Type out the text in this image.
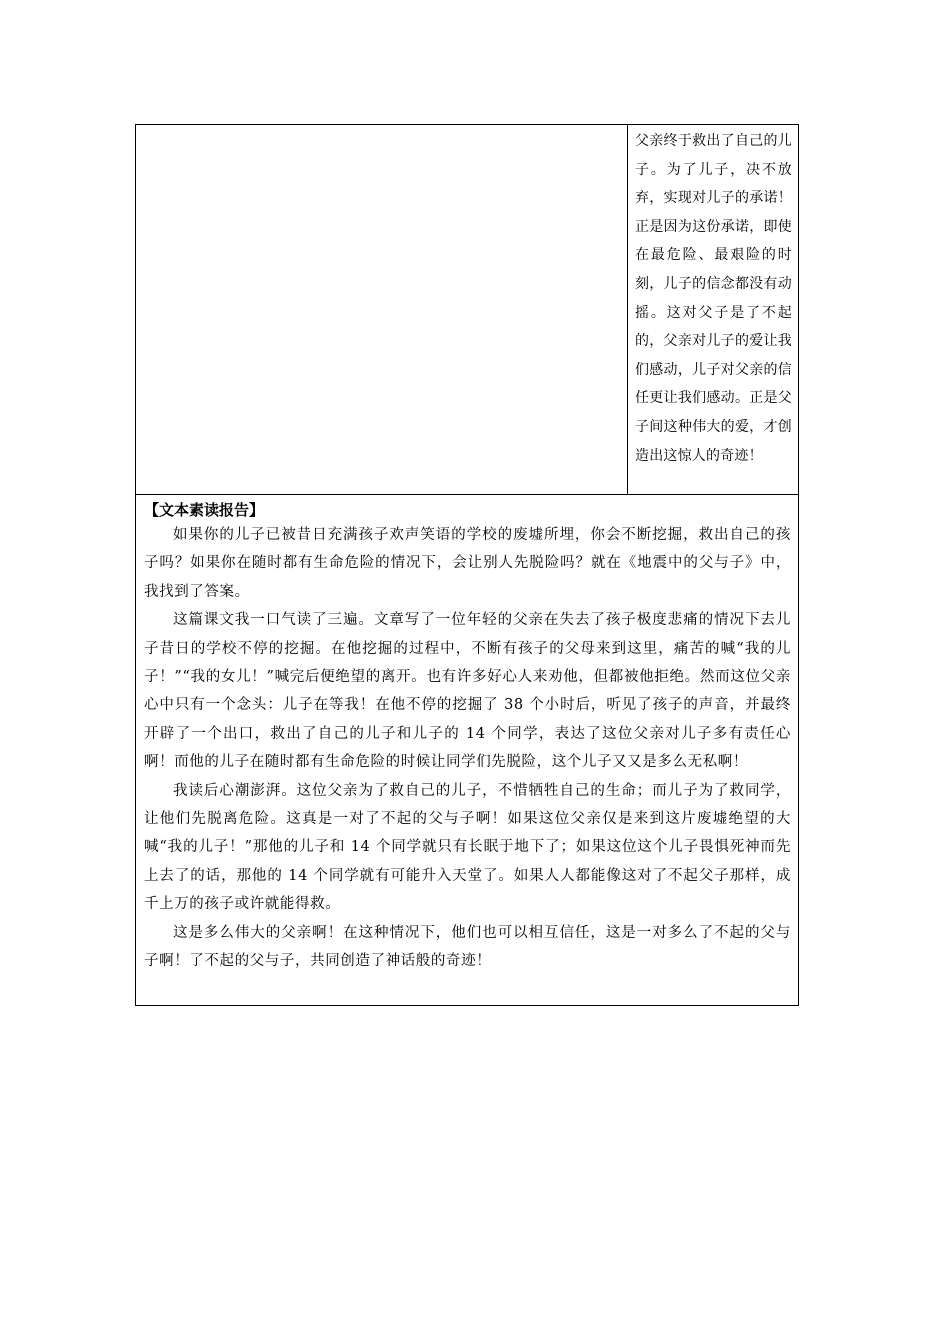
父亲终于救出了自己的儿子。为了儿子，决不放弃，实现对儿子的承诺！正是因为这份承诺，即使在最危险、最艰险的时刻，儿子的信念都没有动摇。这对父子是了不起的，父亲对儿子的爱让我们感动，儿子对父亲的信任更让我们感动。正是父子间这种伟大的爱，才创造出这惊人的奇迹！

【文本素读报告】

如果你的儿子已被昔日充满孩子欢声笑语的学校的废墟所埋，你会不断挖掘，救出自己的孩子吗？如果你在随时都有生命危险的情况下，会让别人先脱险吗？就在《地震中的父与子》中，我找到了答案。

这篇课文我一口气读了三遍。文章写了一位年轻的父亲在失去了孩子极度悲痛的情况下去儿子昔日的学校不停的挖掘。在他挖掘的过程中，不断有孩子的父母来到这里，痛苦的喊“我的儿子！”“我的女儿！”喊完后便绝望的离开。也有许多好心人来劝他，但都被他拒绝。然而这位父亲心中只有一个念头：儿子在等我！在他不停的挖掘了 38 个小时后，听见了孩子的声音，并最终开辟了一个出口，救出了自己的儿子和儿子的 14 个同学，表达了这位父亲对儿子多有责任心啊！而他的儿子在随时都有生命危险的时候让同学们先脱险，这个儿子又又是多么无私啊！

我读后心潮澎湃。这位父亲为了救自己的儿子，不惜牺牲自己的生命；而儿子为了救同学，让他们先脱离危险。这真是一对了不起的父与子啊！如果这位父亲仅是来到这片废墟绝望的大喊“我的儿子！”那他的儿子和 14 个同学就只有长眠于地下了；如果这位这个儿子畏惧死神而先上去了的话，那他的 14 个同学就有可能升入天堂了。如果人人都能像这对了不起父子那样，成千上万的孩子或许就能得救。

这是多么伟大的父亲啊！在这种情况下，他们也可以相互信任，这是一对多么了不起的父与子啊！了不起的父与子，共同创造了神话般的奇迹！
